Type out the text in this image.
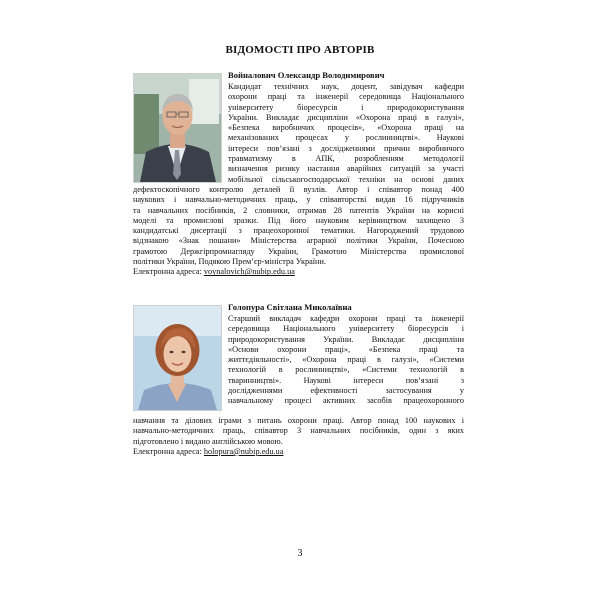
ВІДОМОСТІ ПРО АВТОРІВ
Войналович Олександр Володимирович
Кандидат технічних наук, доцент, завідувач кафедри
охорони праці та інженерії середовища Національного
університету біоресурсів і природокористування
України. Викладає дисципліни «Охорона праці в галузі»,
«Безпека виробничих процесів», «Охорона праці на
механізованих процесах у рослинництві». Наукові
інтереси пов’язані з дослідженнями причин виробничого
травматизму в АПК, розробленням методології
визначення ризику настання аварійних ситуацій за участі
мобільної сільськогосподарської техніки на основі даних
дефектоскопічного контролю деталей її вузлів. Автор і співавтор понад 400
наукових і навчально-методичних праць, у співавторстві видав 16 підручників
та навчальних посібників, 2 словники, отримав 28 патентів України на корисні
моделі та промислові зразки. Під його науковим керівництвом захищено 3
кандидатські дисертації з працеохоронної тематики. Нагороджений трудовою
відзнакою «Знак пошани» Міністерства аграрної політики України, Почесною
грамотою Держгірпромнагляду України, Грамотою Міністерства промислової
політики України, Подякою Прем’єр-міністра України.
Електронна адреса: voynalovich@nubip.edu.ua
Голопура Світлана Миколаївна
Старший викладач кафедри охорони праці та інженерії
середовища Національного університету біоресурсів і
природокористування України. Викладає дисципліни
«Основи охорони праці», «Безпека праці та
життєдіяльності», «Охорона праці в галузі», «Системи
технологій в рослинництві», «Системи технологій в
тваринництві». Наукові інтереси пов’язані з
дослідженнями ефективності застосування у
навчальному процесі активних засобів працеохоронного
навчання та ділових ігрaми з питань охорони праці. Автор понад 100 наукових і
навчально-методичних праць, співавтор 3 навчальних посібників, один з яких
підготовлено і видано англійською мовою.
Електронна адреса: holopura@nubip.edu.ua
3
